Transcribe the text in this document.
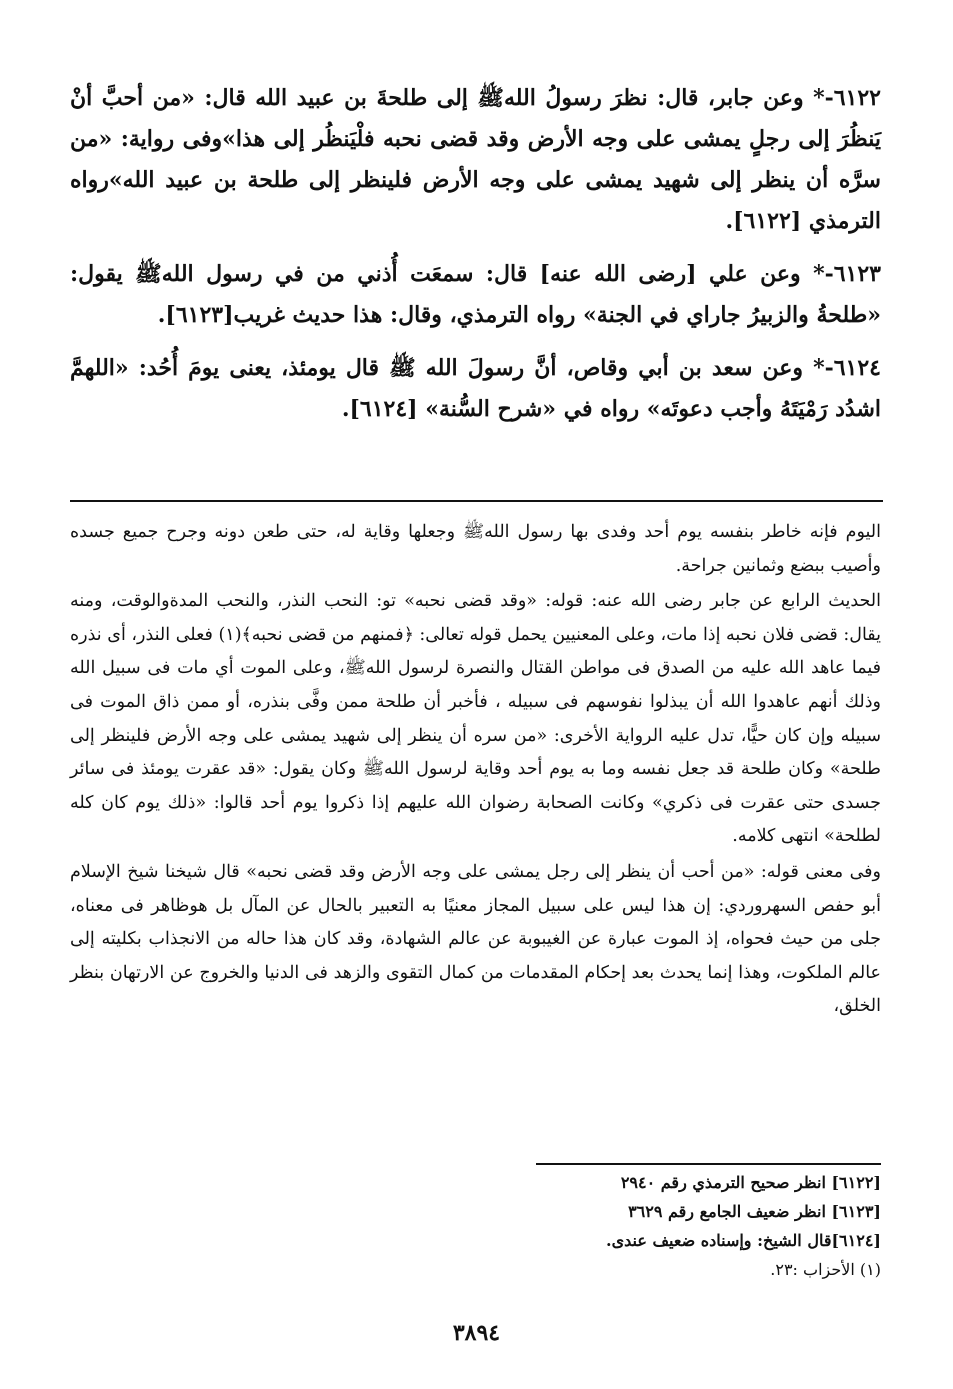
٦١٢٢-* وعن جابر، قال: نظرَ رسولُ اللهﷺ إلى طلحةَ بن عبيد الله قال: «من أحبَّ أنْ يَنظُرَ إلى رجلٍ يمشى على وجه الأرض وقد قضى نحبه فلْيَنظُر إلى هذا»وفى رواية: «من سرَّه أن ينظر إلى شهيد يمشى على وجه الأرض فلينظر إلى طلحة بن عبيد الله»رواه الترمذي [٦١٢٢].

٦١٢٣-* وعن علي [رضى الله عنه] قال: سمعَت أُذني من في رسول اللهﷺ يقول: «طلحةُ والزبيرُ جاراي في الجنة» رواه الترمذي، وقال: هذا حديث غريب[٦١٢٣].

٦١٢٤-* وعن سعد بن أبي وقاص، أنَّ رسولَ الله ﷺ قال يومئذ، يعنى يومَ أُحُد: «اللهمَّ اشدُد رَمْيَتَهُ وأجب دعوتَه» رواه في «شرح السُّنة» [٦١٢٤].

اليوم فإنه خاطر بنفسه يوم أحد وفدى بها رسول اللهﷺ وجعلها وقاية له، حتى طعن دونه وجرح جميع جسده وأصيب ببضع وثمانين جراحة.

الحديث الرابع عن جابر رضى الله عنه: قوله: «وقد قضى نحبه» تو: النحب النذر، والنحب المدةوالوقت، ومنه يقال: قضى فلان نحبه إذا مات، وعلى المعنيين يحمل قوله تعالى: ﴿فمنهم من قضى نحبه﴾(١) فعلى النذر، أى نذره فيما عاهد الله عليه من الصدق فى مواطن القتال والنصرة لرسول اللهﷺ، وعلى الموت أي مات فى سبيل الله وذلك أنهم عاهدوا الله أن يبذلوا نفوسهم فى سبيله ، فأخبر أن طلحة ممن وفَّى بنذره، أو ممن ذاق الموت فى سبيله وإن كان حيًّا، تدل عليه الرواية الأخرى: «من سره أن ينظر إلى شهيد يمشى على وجه الأرض فلينظر إلى طلحة» وكان طلحة قد جعل نفسه وما به يوم أحد وقاية لرسول اللهﷺ وكان يقول: «قد عقرت يومئذ فى سائر جسدى حتى عقرت فى ذكري» وكانت الصحابة رضوان الله عليهم إذا ذكروا يوم أحد قالوا: «ذلك يوم كان كله لطلحة» انتهى كلامه.

وفى معنى قوله: «من أحب أن ينظر إلى رجل يمشى على وجه الأرض وقد قضى نحبه» قال شيخنا شيخ الإسلام أبو حفص السهروردي: إن هذا ليس على سبيل المجاز معنيًا به التعبير بالحال عن المآل بل هوظاهر فى معناه، جلى من حيث فحواه، إذ الموت عبارة عن الغيبوبة عن عالم الشهادة، وقد كان هذا حاله من الانجذاب بكليته إلى عالم الملكوت، وهذا إنما يحدث بعد إحكام المقدمات من كمال التقوى والزهد فى الدنيا والخروج عن الارتهان بنظر الخلق،

[٦١٢٢] انظر صحيح الترمذي رقم ٢٩٤٠

[٦١٢٣] انظر ضعيف الجامع رقم ٣٦٢٩

[٦١٢٤]قال الشيخ: وإسناده ضعيف عندى.

(١) الأحزاب :٢٣.

٣٨٩٤
